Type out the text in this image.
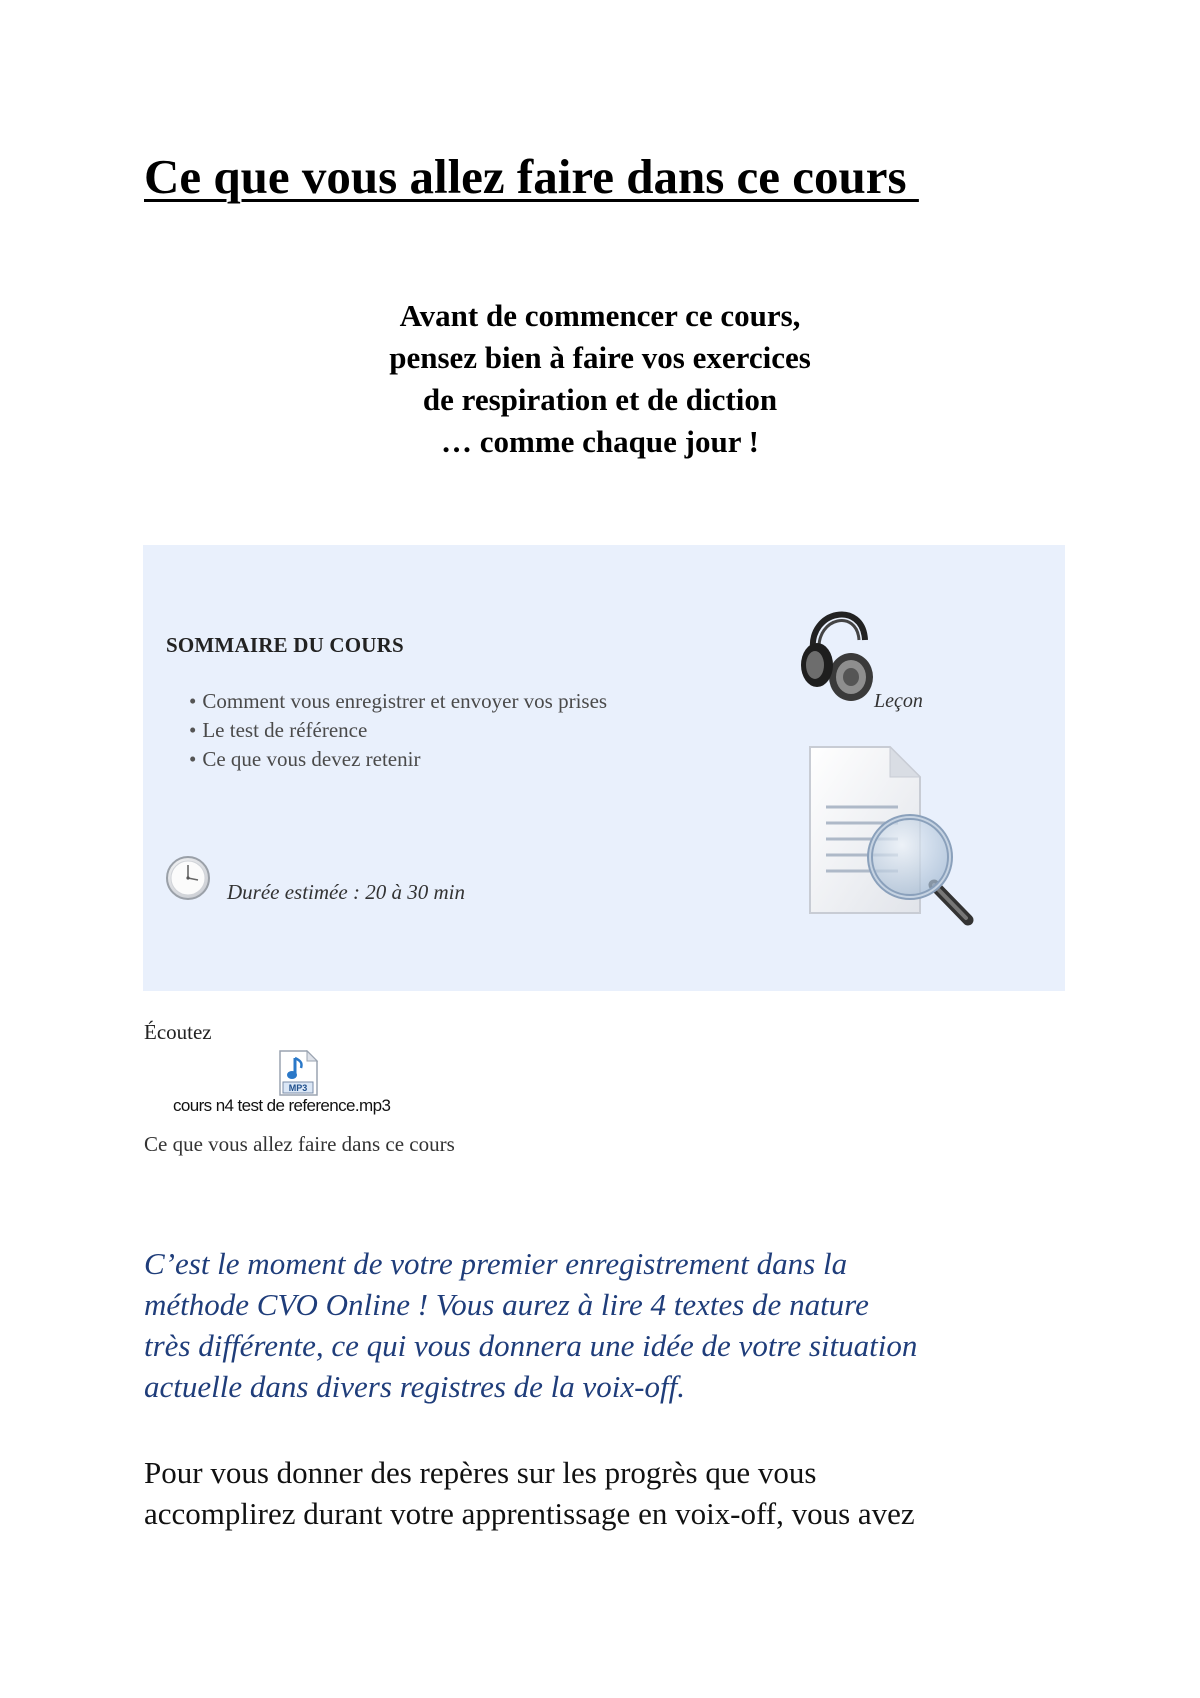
Ce que vous allez faire dans ce cours
Avant de commencer ce cours,
pensez bien à faire vos exercices
de respiration et de diction
… comme chaque jour !
SOMMAIRE DU COURS
• Comment vous enregistrer et envoyer vos prises
• Le test de référence
• Ce que vous devez retenir
Durée estimée : 20 à 30 min
Leçon
Écoutez
MP3
cours n4 test de reference.mp3
Ce que vous allez faire dans ce cours
C’est le moment de votre premier enregistrement dans la
méthode CVO Online ! Vous aurez à lire 4 textes de nature
très différente, ce qui vous donnera une idée de votre situation
actuelle dans divers registres de la voix-off.
Pour vous donner des repères sur les progrès que vous
accomplirez durant votre apprentissage en voix-off, vous avez
